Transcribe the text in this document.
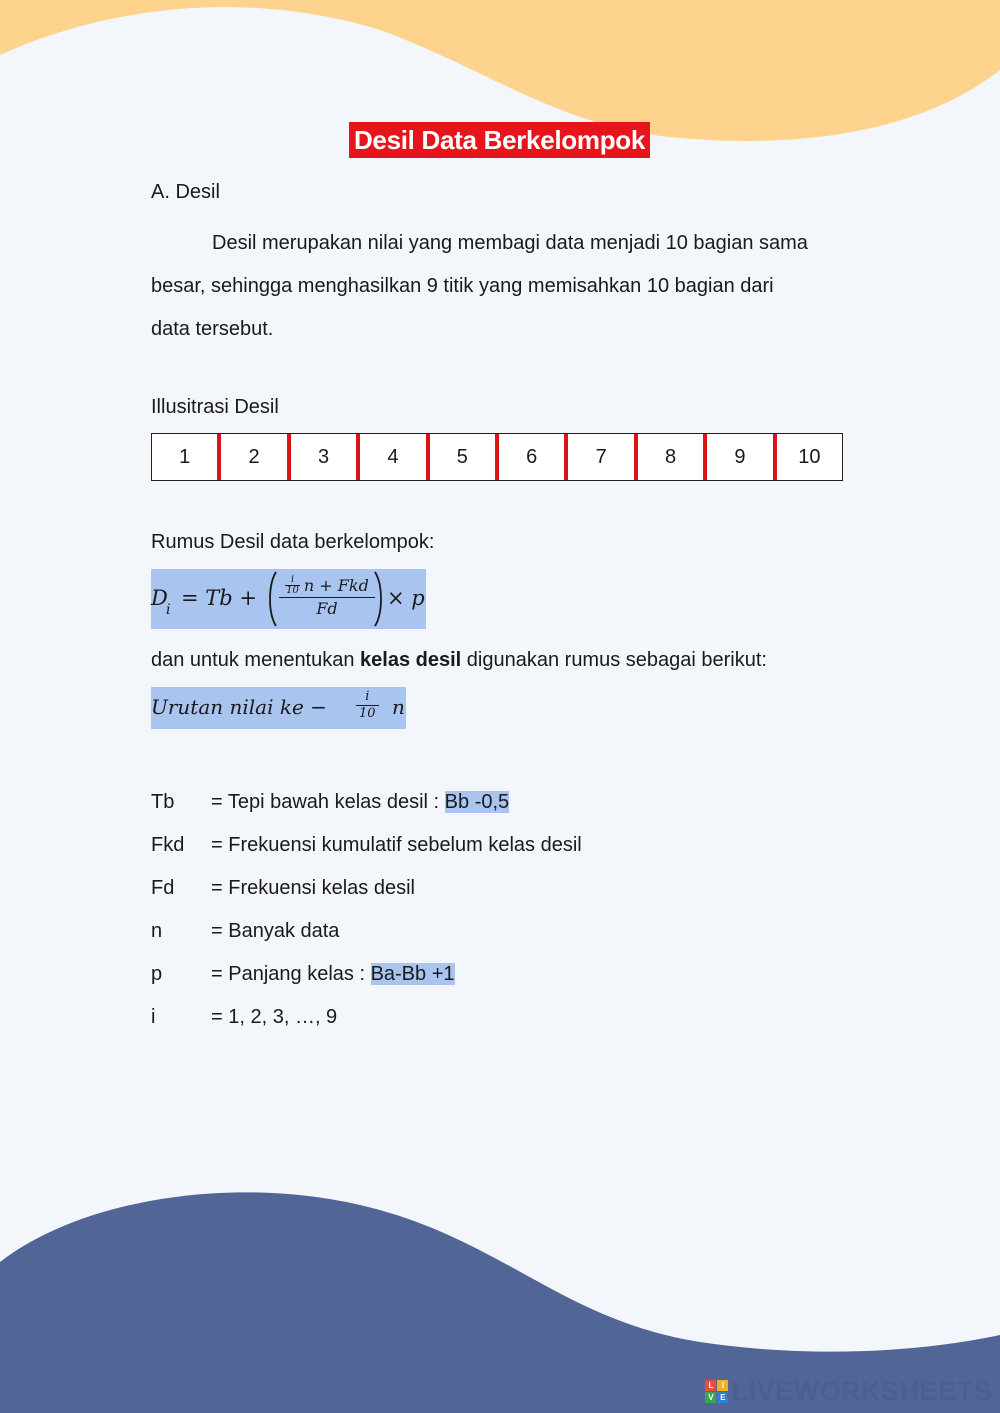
Desil Data Berkelompok
A. Desil
Desil merupakan nilai yang membagi data menjadi 10 bagian sama
besar, sehingga menghasilkan 9 titik yang memisahkan 10 bagian dari
data tersebut.
Illusitrasi Desil
1	2	3	4	5	6	7	8	9	10
Rumus Desil data berkelompok:
D
i = Tb +
i
10 n + Fkd
Fd	× p
dan untuk menentukan kelas desil digunakan rumus sebagai berikut:
Urutan nilai ke − $\frac{i}{10}$ n
Tb = Tepi bawah kelas desil : Bb -0,5
Fkd = Frekuensi kumulatif sebelum kelas desil
Fd = Frekuensi kelas desil
n = Banyak data
p = Panjang kelas : Ba-Bb +1
i	= 1, 2, 3, …, 9
L	I
V E LIVEWORKSHEETS
